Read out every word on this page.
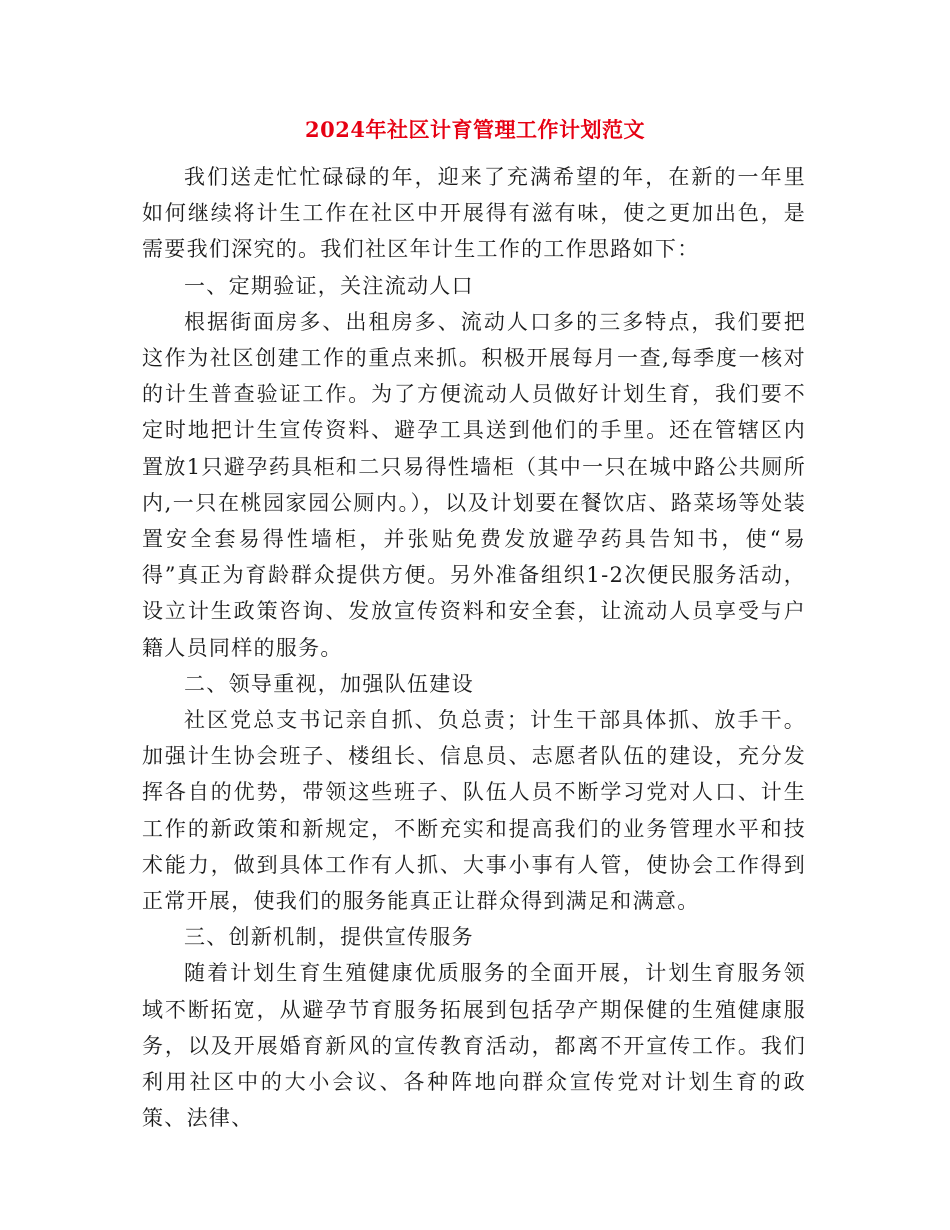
2024年社区计育管理工作计划范文

我们送走忙忙碌碌的年，迎来了充满希望的年，在新的一年里如何继续将计生工作在社区中开展得有滋有味，使之更加出色，是需要我们深究的。我们社区年计生工作的工作思路如下：

一、定期验证，关注流动人口

根据街面房多、出租房多、流动人口多的三多特点，我们要把这作为社区创建工作的重点来抓。积极开展每月一查,每季度一核对的计生普查验证工作。为了方便流动人员做好计划生育，我们要不定时地把计生宣传资料、避孕工具送到他们的手里。还在管辖区内置放1只避孕药具柜和二只易得性墙柜（其中一只在城中路公共厕所内,一只在桃园家园公厕内。），以及计划要在餐饮店、路菜场等处装置安全套易得性墙柜，并张贴免费发放避孕药具告知书，使“易得”真正为育龄群众提供方便。另外准备组织1-2次便民服务活动，设立计生政策咨询、发放宣传资料和安全套，让流动人员享受与户籍人员同样的服务。

二、领导重视，加强队伍建设

社区党总支书记亲自抓、负总责；计生干部具体抓、放手干。加强计生协会班子、楼组长、信息员、志愿者队伍的建设，充分发挥各自的优势，带领这些班子、队伍人员不断学习党对人口、计生工作的新政策和新规定，不断充实和提高我们的业务管理水平和技术能力，做到具体工作有人抓、大事小事有人管，使协会工作得到正常开展，使我们的服务能真正让群众得到满足和满意。

三、创新机制，提供宣传服务

随着计划生育生殖健康优质服务的全面开展，计划生育服务领域不断拓宽，从避孕节育服务拓展到包括孕产期保健的生殖健康服务，以及开展婚育新风的宣传教育活动，都离不开宣传工作。我们利用社区中的大小会议、各种阵地向群众宣传党对计划生育的政策、法律、
